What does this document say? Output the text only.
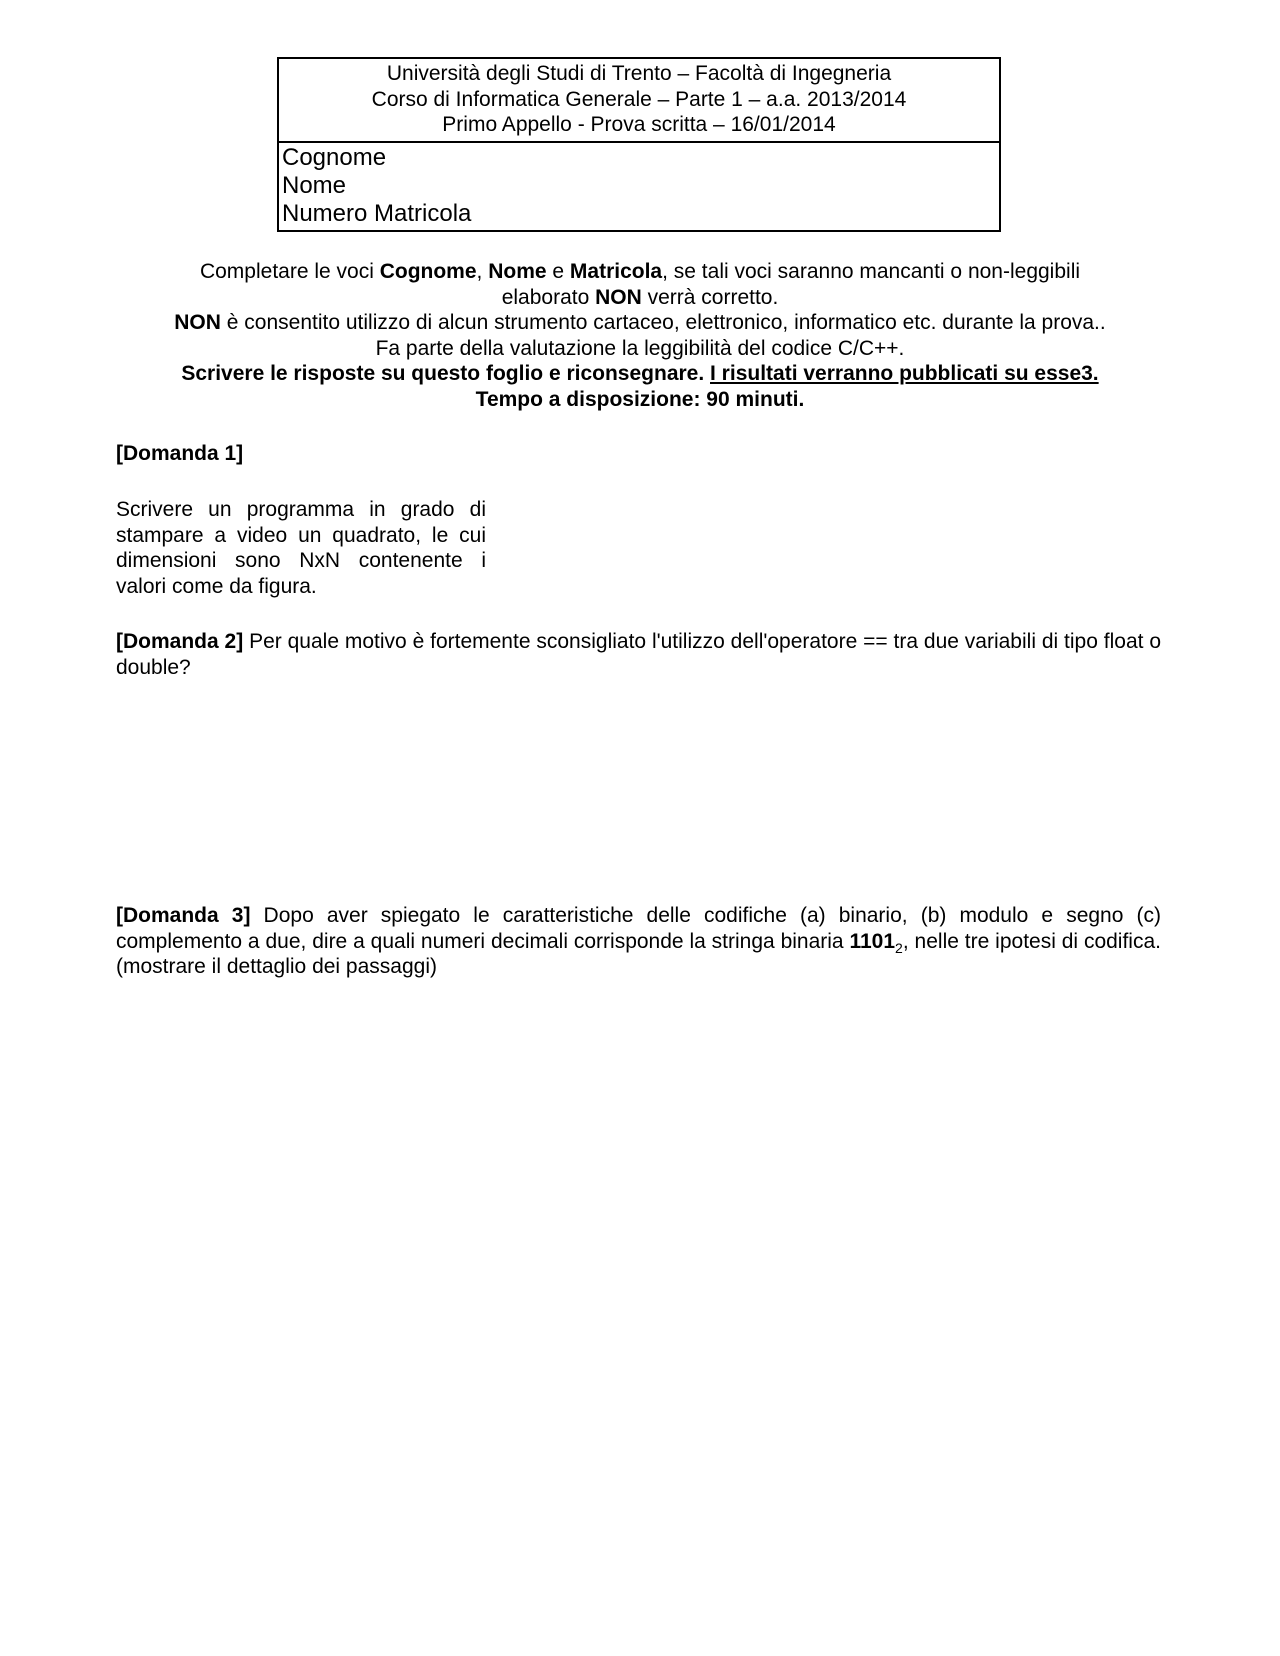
Università degli Studi di Trento – Facoltà di Ingegneria
Corso di Informatica Generale – Parte 1 – a.a. 2013/2014
Primo Appello - Prova scritta – 16/01/2014
Cognome
Nome
Numero Matricola
Completare le voci Cognome, Nome e Matricola, se tali voci saranno mancanti o non-leggibili
elaborato NON verrà corretto.
NON è consentito utilizzo di alcun strumento cartaceo, elettronico, informatico etc. durante la prova..
Fa parte della valutazione la leggibilità del codice C/C++.
Scrivere le risposte su questo foglio e riconsegnare. I risultati verranno pubblicati su esse3.
Tempo a disposizione: 90 minuti.
[Domanda 1]
Scrivere un programma in grado di stampare a video un quadrato, le cui dimensioni sono NxN contenente i valori come da figura.
[Domanda 2] Per quale motivo è fortemente sconsigliato l'utilizzo dell'operatore == tra due variabili di tipo float o double?
[Domanda 3] Dopo aver spiegato le caratteristiche delle codifiche (a) binario, (b) modulo e segno (c) complemento a due, dire a quali numeri decimali corrisponde la stringa binaria $1101_2$, nelle tre ipotesi di codifica. (mostrare il dettaglio dei passaggi)
